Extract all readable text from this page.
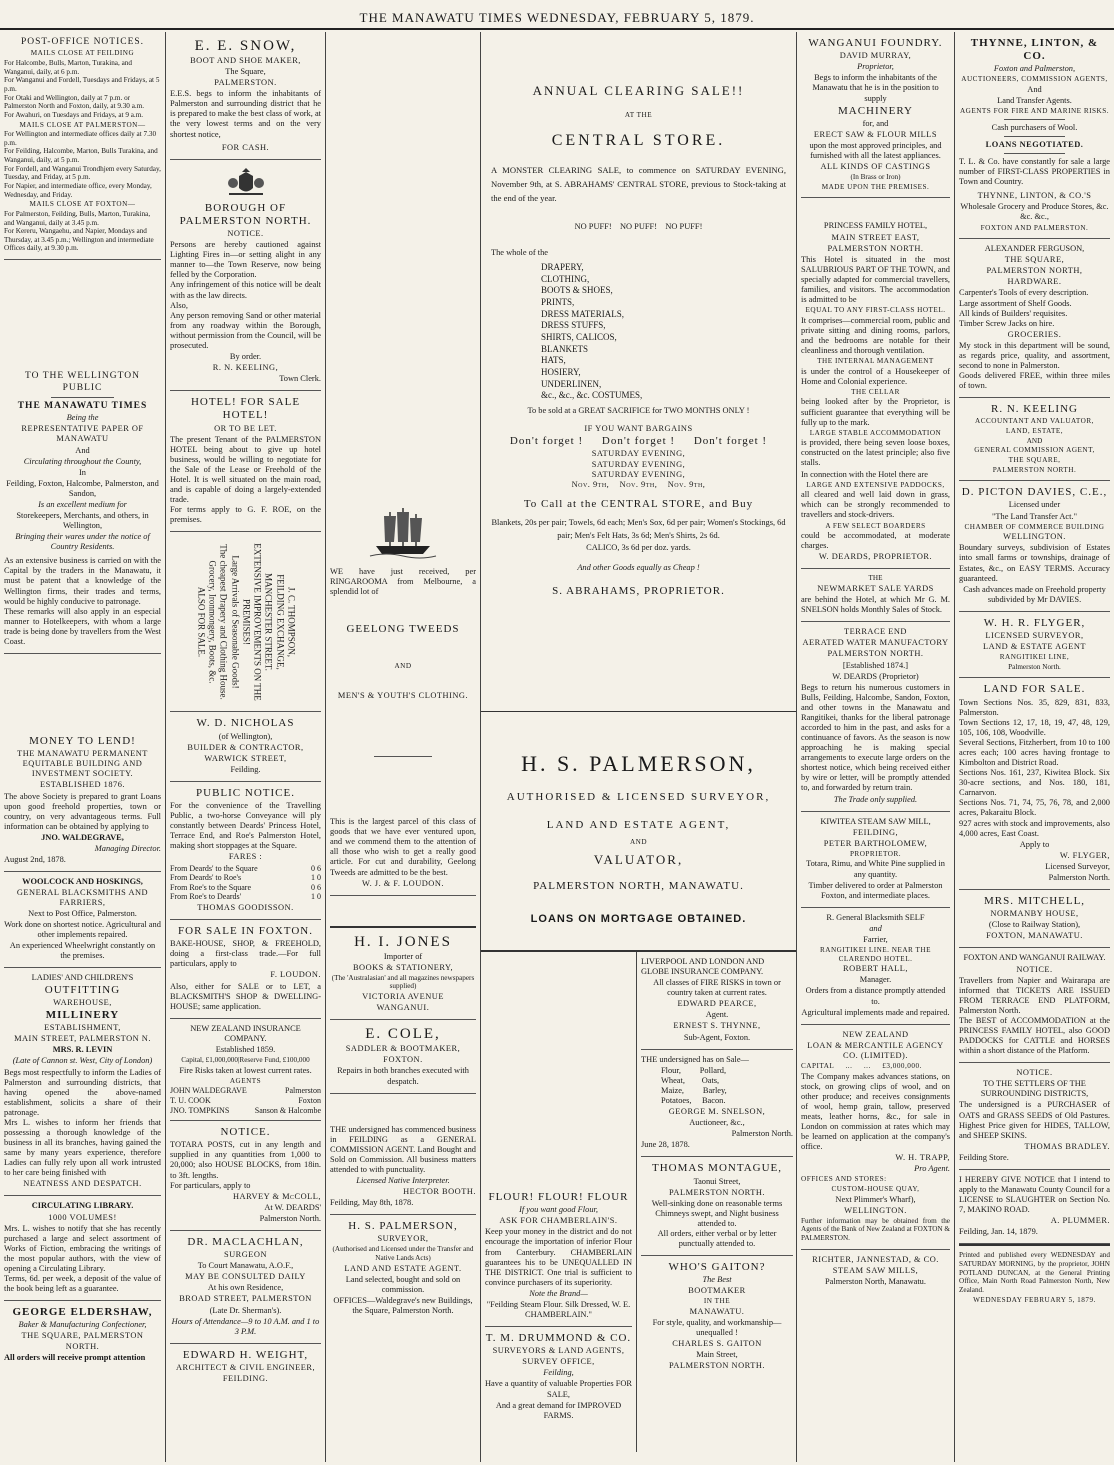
THE MANAWATU TIMES WEDNESDAY, FEBRUARY 5, 1879.

POST-OFFICE NOTICES.

MAILS CLOSE AT FEILDING

For Halcombe, Bulls, Marton, Turakina, and Wanganui, daily, at 6 p.m.
For Wanganui and Fordell, Tuesdays and Fridays, at 5 p.m.
For Otaki and Wellington, daily at 7 p.m. or Palmerston North and Foxton, daily, at 9.30 a.m.
For Awahuri, on Tuesdays and Fridays, at 9 a.m.

MAILS CLOSE AT PALMERSTON—

For Wellington and intermediate offices daily at 7.30 p.m.
For Feilding, Halcombe, Marton, Bulls Turakina, and Wanganui, daily, at 5 p.m.
For Fordell, and Wanganui Trondhjem every Saturday, Tuesday, and Friday, at 5 p.m.
For Napier, and intermediate office, every Monday, Wednesday, and Friday.

MAILS CLOSE AT FOXTON—

For Palmerston, Feilding, Bulls, Marton, Turakina, and Wanganui, daily at 3.45 p.m.
For Kereru, Wangaehu, and Napier, Mondays and Thursday, at 3.45 p.m.; Wellington and intermediate Offices daily, at 9.30 p.m.

TO THE WELLINGTON PUBLIC

THE MANAWATU TIMES

Being the

REPRESENTATIVE PAPER OF MANAWATU

And

Circulating throughout the County,

In

Feilding, Foxton, Halcombe, Palmerston, and Sandon,

Is an excellent medium for

Storekeepers, Merchants, and others, in Wellington,

Bringing their wares under the notice of Country Residents.

As an extensive business is carried on with the Capital by the traders in the Manawatu, it must be patent that a knowledge of the Wellington firms, their trades and terms, would be highly conducive to patronage.
These remarks will also apply in an especial manner to Hotelkeepers, with whom a large trade is being done by travellers from the West Coast.

MONEY TO LEND!

THE MANAWATU PERMANENT EQUITABLE BUILDING AND INVESTMENT SOCIETY.

ESTABLISHED 1876.

The above Society is prepared to grant Loans upon good freehold properties, town or country, on very advantageous terms. Full information can be obtained by applying to

JNO. WALDEGRAVE,

Managing Director.

August 2nd, 1878.

WOOLCOCK AND HOSKINGS,

GENERAL BLACKSMITHS AND FARRIERS,

Next to Post Office, Palmerston.

Work done on shortest notice. Agricultural and other implements repaired.
An experienced Wheelwright constantly on the premises.

LADIES' AND CHILDREN'S

OUTFITTING

WAREHOUSE,

MILLINERY

ESTABLISHMENT,

MAIN STREET, PALMERSTON N.

MRS. R. LEVIN

(Late of Cannon st. West, City of London)

Begs most respectfully to inform the Ladies of Palmerston and surrounding districts, that having opened the above-named establishment, solicits a share of their patronage.
Mrs L. wishes to inform her friends that possessing a thorough knowledge of the business in all its branches, having gained the same by many years experience, therefore Ladies can fully rely upon all work intrusted to her care being finished with

NEATNESS AND DESPATCH.

CIRCULATING LIBRARY.

1000 VOLUMES!

Mrs. L. wishes to notify that she has recently purchased a large and select assortment of Works of Fiction, embracing the writings of the most popular authors, with the view of opening a Circulating Library.
Terms, 6d. per week, a deposit of the value of the book being left as a guarantee.

GEORGE ELDERSHAW,

Baker & Manufacturing Confectioner,

THE SQUARE, PALMERSTON NORTH.

All orders will receive prompt attention

E. E. SNOW,

BOOT AND SHOE MAKER,

The Square,

PALMERSTON.

E.E.S. begs to inform the inhabitants of Palmerston and surrounding district that he is prepared to make the best class of work, at the very lowest terms and on the very shortest notice,

FOR CASH.

BOROUGH OF PALMERSTON NORTH.

NOTICE.

Persons are hereby cautioned against Lighting Fires in—or setting alight in any manner to—the Town Reserve, now being felled by the Corporation.
Any infringement of this notice will be dealt with as the law directs.
Also,
Any person removing Sand or other material from any roadway within the Borough, without permission from the Council, will be prosecuted.

By order.

R. N. KEELING,

Town Clerk.

HOTEL! FOR SALE HOTEL!

OR TO BE LET.

The present Tenant of the PALMERSTON HOTEL being about to give up hotel business, would be willing to negotiate for the Sale of the Lease or Freehold of the Hotel. It is well situated on the main road, and is capable of doing a largely-extended trade.
For terms apply to G. F. ROE, on the premises.

J. C. THOMPSON,
FEILDING EXCHANGE,
MANCHESTER STREET.
EXTENSIVE IMPROVEMENTS ON THE PREMISES!
Large Arrivals of Seasonable Goods!
The cheapest Drapery and Clothing House.
Grocery, Ironmongery, Boots, &c.
ALSO FOR SALE.

W. D. NICHOLAS

(of Wellington),

BUILDER & CONTRACTOR,

WARWICK STREET,

Feilding.

PUBLIC NOTICE.

For the convenience of the Travelling Public, a two-horse Conveyance will ply constantly between Deards' Princess Hotel, Terrace End, and Roe's Palmerston Hotel, making short stoppages at the Square.

FARES :

From Deards' to the Square	0 6
From Deards' to Roe's	1 0
From Roe's to the Square	0 6
From Roe's to Deards'	1 0

THOMAS GOODISSON.

FOR SALE IN FOXTON.

BAKE-HOUSE, SHOP, & FREEHOLD, doing a first-class trade.—For full particulars, apply to

F. LOUDON.

Also, either for SALE or to LET, a BLACKSMITH'S SHOP & DWELLING-HOUSE; same application.

NEW ZEALAND INSURANCE COMPANY.

Established 1859.

Capital, £1,000,000|Reserve Fund, £100,000

Fire Risks taken at lowest current rates.

AGENTS

JOHN WALDEGRAVE	Palmerston
T. U. COOK	Foxton
JNO. TOMPKINS	Sanson & Halcombe

NOTICE.

TOTARA POSTS, cut in any length and supplied in any quantities from 1,000 to 20,000; also HOUSE BLOCKS, from 18in. to 3ft. lengths.
For particulars, apply to

HARVEY & McCOLL,

At W. DEARDS'

Palmerston North.

DR. MACLACHLAN,

SURGEON

To Court Manawatu, A.O.F.,

MAY BE CONSULTED DAILY

At his own Residence,

BROAD STREET, PALMERSTON

(Late Dr. Sherman's).

Hours of Attendance—9 to 10 A.M. and 1 to 3 P.M.

EDWARD H. WEIGHT,

ARCHITECT & CIVIL ENGINEER,

FEILDING.

WE have just received, per RINGAROOMA from Melbourne, a splendid lot of

GEELONG TWEEDS

AND

MEN'S & YOUTH'S CLOTHING.

This is the largest parcel of this class of goods that we have ever ventured upon, and we commend them to the attention of all those who wish to get a really good article. For cut and durability, Geelong Tweeds are admitted to be the best.

W. J. & F. LOUDON.

H. I. JONES

Importer of

BOOKS & STATIONERY,

(The 'Australasian' and all magazines newspapers supplied)

VICTORIA AVENUE

WANGANUI.

E. COLE,

SADDLER & BOOTMAKER,

FOXTON.

Repairs in both branches executed with despatch.

THE undersigned has commenced business in FEILDING as a GENERAL COMMISSION AGENT. Land Bought and Sold on Commission. All business matters attended to with punctuality.

Licensed Native Interpreter.

HECTOR BOOTH.

Feilding, May 8th, 1878.

H. S. PALMERSON,

SURVEYOR,

(Authorised and Licensed under the Transfer and Native Lands Acts)

LAND AND ESTATE AGENT.

Land selected, bought and sold on commission.

OFFICES—Waldegrave's new Buildings, the Square, Palmerston North.

ANNUAL CLEARING SALE!!

AT THE

CENTRAL STORE.

A MONSTER CLEARING SALE, to commence on SATURDAY EVENING, November 9th, at S. ABRAHAMS' CENTRAL STORE, previous to Stock-taking at the end of the year.

NO PUFF!    NO PUFF!    NO PUFF!

The whole of the

DRAPERY,
CLOTHING,
BOOTS & SHOES,
PRINTS,
DRESS MATERIALS,
DRESS STUFFS,
SHIRTS, CALICOS,
BLANKETS
HATS,
HOSIERY,
UNDERLINEN,
&c., &c., &c. COSTUMES,

To be sold at a GREAT SACRIFICE for TWO MONTHS ONLY !

IF YOU WANT BARGAINS

Don't forget !     Don't forget !     Don't forget !

SATURDAY EVENING,
SATURDAY EVENING,
SATURDAY EVENING,
Nov. 9th,    Nov. 9th,    Nov. 9th,

To Call at the CENTRAL STORE, and Buy

Blankets, 20s per pair; Towels, 6d each; Men's Sox, 6d per pair; Women's Stockings, 6d pair; Men's Felt Hats, 3s 6d; Men's Shirts, 2s 6d.
CALICO, 3s 6d per doz. yards.

And other Goods equally as Cheap !

S. ABRAHAMS, PROPRIETOR.

H. S. PALMERSON,

AUTHORISED & LICENSED SURVEYOR,

LAND AND ESTATE AGENT,

AND

VALUATOR,

PALMERSTON NORTH, MANAWATU.

LOANS ON MORTGAGE OBTAINED.

LIVERPOOL AND LONDON AND GLOBE INSURANCE COMPANY.

All classes of FIRE RISKS in town or country taken at current rates.

EDWARD PEARCE,

Agent.

ERNEST S. THYNNE,

Sub-Agent, Foxton.

THE undersigned has on Sale—

Flour,         Pollard,
Wheat,        Oats,
Maize,         Barley,
Potatoes,     Bacon.

GEORGE M. SNELSON,

Auctioneer, &c.,

Palmerston North.

June 28, 1878.

THOMAS MONTAGUE,

Taonui Street,

PALMERSTON NORTH.

Well-sinking done on reasonable terms Chimneys swept, and Night business attended to.
All orders, either verbal or by letter punctually attended to.

WHO'S GAITON?

The Best

BOOTMAKER

IN THE

MANAWATU.

For style, quality, and workmanship—unequalled !

CHARLES S. GAITON

Main Street,

PALMERSTON NORTH.

FLOUR! FLOUR! FLOUR

If you want good Flour,

ASK FOR CHAMBERLAIN'S.

Keep your money in the district and do not encourage the importation of inferior Flour from Canterbury. CHAMBERLAIN guarantees his to be UNEQUALLED IN THE DISTRICT. One trial is sufficient to convince purchasers of its superiority.

Note the Brand—

"Feilding Steam Flour. Silk Dressed, W. E. CHAMBERLAIN."

T. M. DRUMMOND & CO.

SURVEYORS & LAND AGENTS,

SURVEY OFFICE,

Feilding,

Have a quantity of valuable Properties FOR SALE,

And a great demand for IMPROVED FARMS.

WANGANUI FOUNDRY.

DAVID MURRAY,

Proprietor,

Begs to inform the inhabitants of the Manawatu that he is in the position to supply

MACHINERY

for, and

ERECT SAW & FLOUR MILLS

upon the most approved principles, and furnished with all the latest appliances.

ALL KINDS OF CASTINGS

(In Brass or Iron)

MADE UPON THE PREMISES.

PRINCESS FAMILY HOTEL,

MAIN STREET EAST,

PALMERSTON NORTH.

This Hotel is situated in the most SALUBRIOUS PART OF THE TOWN, and specially adapted for commercial travellers, families, and visitors. The accommodation is admitted to be

EQUAL TO ANY FIRST-CLASS HOTEL.

It comprises—commercial room, public and private sitting and dining rooms, parlors, and the bedrooms are notable for their cleanliness and thorough ventilation.

THE INTERNAL MANAGEMENT

is under the control of a Housekeeper of Home and Colonial experience.

THE CELLAR

being looked after by the Proprietor, is sufficient guarantee that everything will be fully up to the mark.

LARGE STABLE ACCOMMODATION

is provided, there being seven loose boxes, constructed on the latest principle; also five stalls.

In connection with the Hotel there are

LARGE AND EXTENSIVE PADDOCKS,

all cleared and well laid down in grass, which can be strongly recommended to travellers and stock-drivers.

A FEW SELECT BOARDERS

could be accommodated, at moderate charges.

W. DEARDS, PROPRIETOR.

THE

NEWMARKET SALE YARDS

are behind the Hotel, at which Mr G. M. SNELSON holds Monthly Sales of Stock.

TERRACE END

AERATED WATER MANUFACTORY

PALMERSTON NORTH.

[Established 1874.]

W. DEARDS (Proprietor)

Begs to return his numerous customers in Bulls, Feilding, Halcombe, Sandon, Foxton, and other towns in the Manawatu and Rangitikei, thanks for the liberal patronage accorded to him in the past, and asks for a continuance of favors. As the season is now approaching he is making special arrangements to execute large orders on the shortest notice, which being received either by wire or letter, will be promptly attended to, and forwarded by return train.

The Trade only supplied.

KIWITEA STEAM SAW MILL,

FEILDING,

PETER BARTHOLOMEW,

PROPRIETOR.

Totara, Rimu, and White Pine supplied in any quantity.

Timber delivered to order at Palmerston Foxton, and intermediate places.

R. General Blacksmith SELF

and

Farrier,

RANGITIKEI LINE. NEAR THE CLARENDO HOTEL.

ROBERT HALL,

Manager.

Orders from a distance promptly attended to.

Agricultural implements made and repaired.

NEW ZEALAND

LOAN & MERCANTILE AGENCY CO. (LIMITED).

CAPITAL     ...     ...     £3,000,000.

The Company makes advances stations, on stock, on growing clips of wool, and on other produce; and receives consignments of wool, hemp grain, tallow, preserved meats, leather horns, &c., for sale in London on commission at rates which may be learned on application at the company's office.

W. H. TRAPP,

Pro Agent.

OFFICES AND STORES:

CUSTOM-HOUSE QUAY,

Next Plimmer's Wharf),

WELLINGTON.

Further information may be obtained from the Agents of the Bank of New Zealand at FOXTON & PALMERSTON.

RICHTER, JANNESTAD, & CO.

STEAM SAW MILLS,

Palmerston North, Manawatu.

THYNNE, LINTON, & CO.

Foxton and Palmerston,

AUCTIONEERS, COMMISSION AGENTS,

And

Land Transfer Agents.

AGENTS FOR FIRE AND MARINE RISKS.

Cash purchasers of Wool.

LOANS NEGOTIATED.

T. L. & Co. have constantly for sale a large number of FIRST-CLASS PROPERTIES in Town and Country.

THYNNE, LINTON, & CO.'S

Wholesale Grocery and Produce Stores, &c. &c. &c.,

FOXTON AND PALMERSTON.

ALEXANDER FERGUSON,

THE SQUARE,

PALMERSTON NORTH,

HARDWARE.

Carpenter's Tools of every description.
Large assortment of Shelf Goods.
All kinds of Builders' requisites.
Timber Screw Jacks on hire.

GROCERIES.

My stock in this department will be sound, as regards price, quality, and assortment, second to none in Palmerston.
Goods delivered FREE, within three miles of town.

R. N. KEELING

ACCOUNTANT AND VALUATOR,

LAND, ESTATE,

AND

GENERAL COMMISSION AGENT,

THE SQUARE,

PALMERSTON NORTH.

D. PICTON DAVIES, C.E.,

Licensed under

"The Land Transfer Act."

CHAMBER OF COMMERCE BUILDING

WELLINGTON.

Boundary surveys, subdivision of Estates into small farms or townships, drainage of Estates, &c., on EASY TERMS. Accuracy guaranteed.

Cash advances made on Freehold property subdivided by Mr DAVIES.

W. H. R. FLYGER,

LICENSED SURVEYOR,

LAND & ESTATE AGENT

RANGITIKEI LINE,

Palmerston North.

LAND FOR SALE.

Town Sections Nos. 35, 829, 831, 833, Palmerston.
Town Sections 12, 17, 18, 19, 47, 48, 129, 105, 106, 108, Woodville.
Several Sections, Fitzherbert, from 10 to 100 acres each; 100 acres having frontage to Kimbolton and District Road.
Sections Nos. 161, 237, Kiwitea Block. Six 30-acre sections, and Nos. 180, 181, Carnarvon.
Sections Nos. 71, 74, 75, 76, 78, and 2,000 acres, Pakaraitu Block.
927 acres with stock and improvements, also 4,000 acres, East Coast.

Apply to

W. FLYGER,

Licensed Surveyor,

Palmerston North.

MRS. MITCHELL,

NORMANBY HOUSE,

(Close to Railway Station),

FOXTON, MANAWATU.

FOXTON AND WANGANUI RAILWAY.

NOTICE.

Travellers from Napier and Wairarapa are informed that TICKETS ARE ISSUED FROM TERRACE END PLATFORM, Palmerston North.
The BEST of ACCOMMODATION at the PRINCESS FAMILY HOTEL, also GOOD PADDOCKS for CATTLE and HORSES within a short distance of the Platform.

NOTICE.

TO THE SETTLERS OF THE SURROUNDING DISTRICTS,

The undersigned is a PURCHASER of OATS and GRASS SEEDS of Old Pastures. Highest Price given for HIDES, TALLOW, and SHEEP SKINS.

THOMAS BRADLEY.

Feilding Store.

I HEREBY GIVE NOTICE that I intend to apply to the Manawatu County Council for a LICENSE to SLAUGHTER on Section No. 7, MAKINO ROAD.

A. PLUMMER.

Feilding, Jan. 14, 1879.

Printed and published every WEDNESDAY and SATURDAY MORNING, by the proprietor, JOHN POTLAND DUNCAN, at the General Printing Office, Main North Road Palmerston North, New Zealand.

WEDNESDAY FEBRUARY 5, 1879.
